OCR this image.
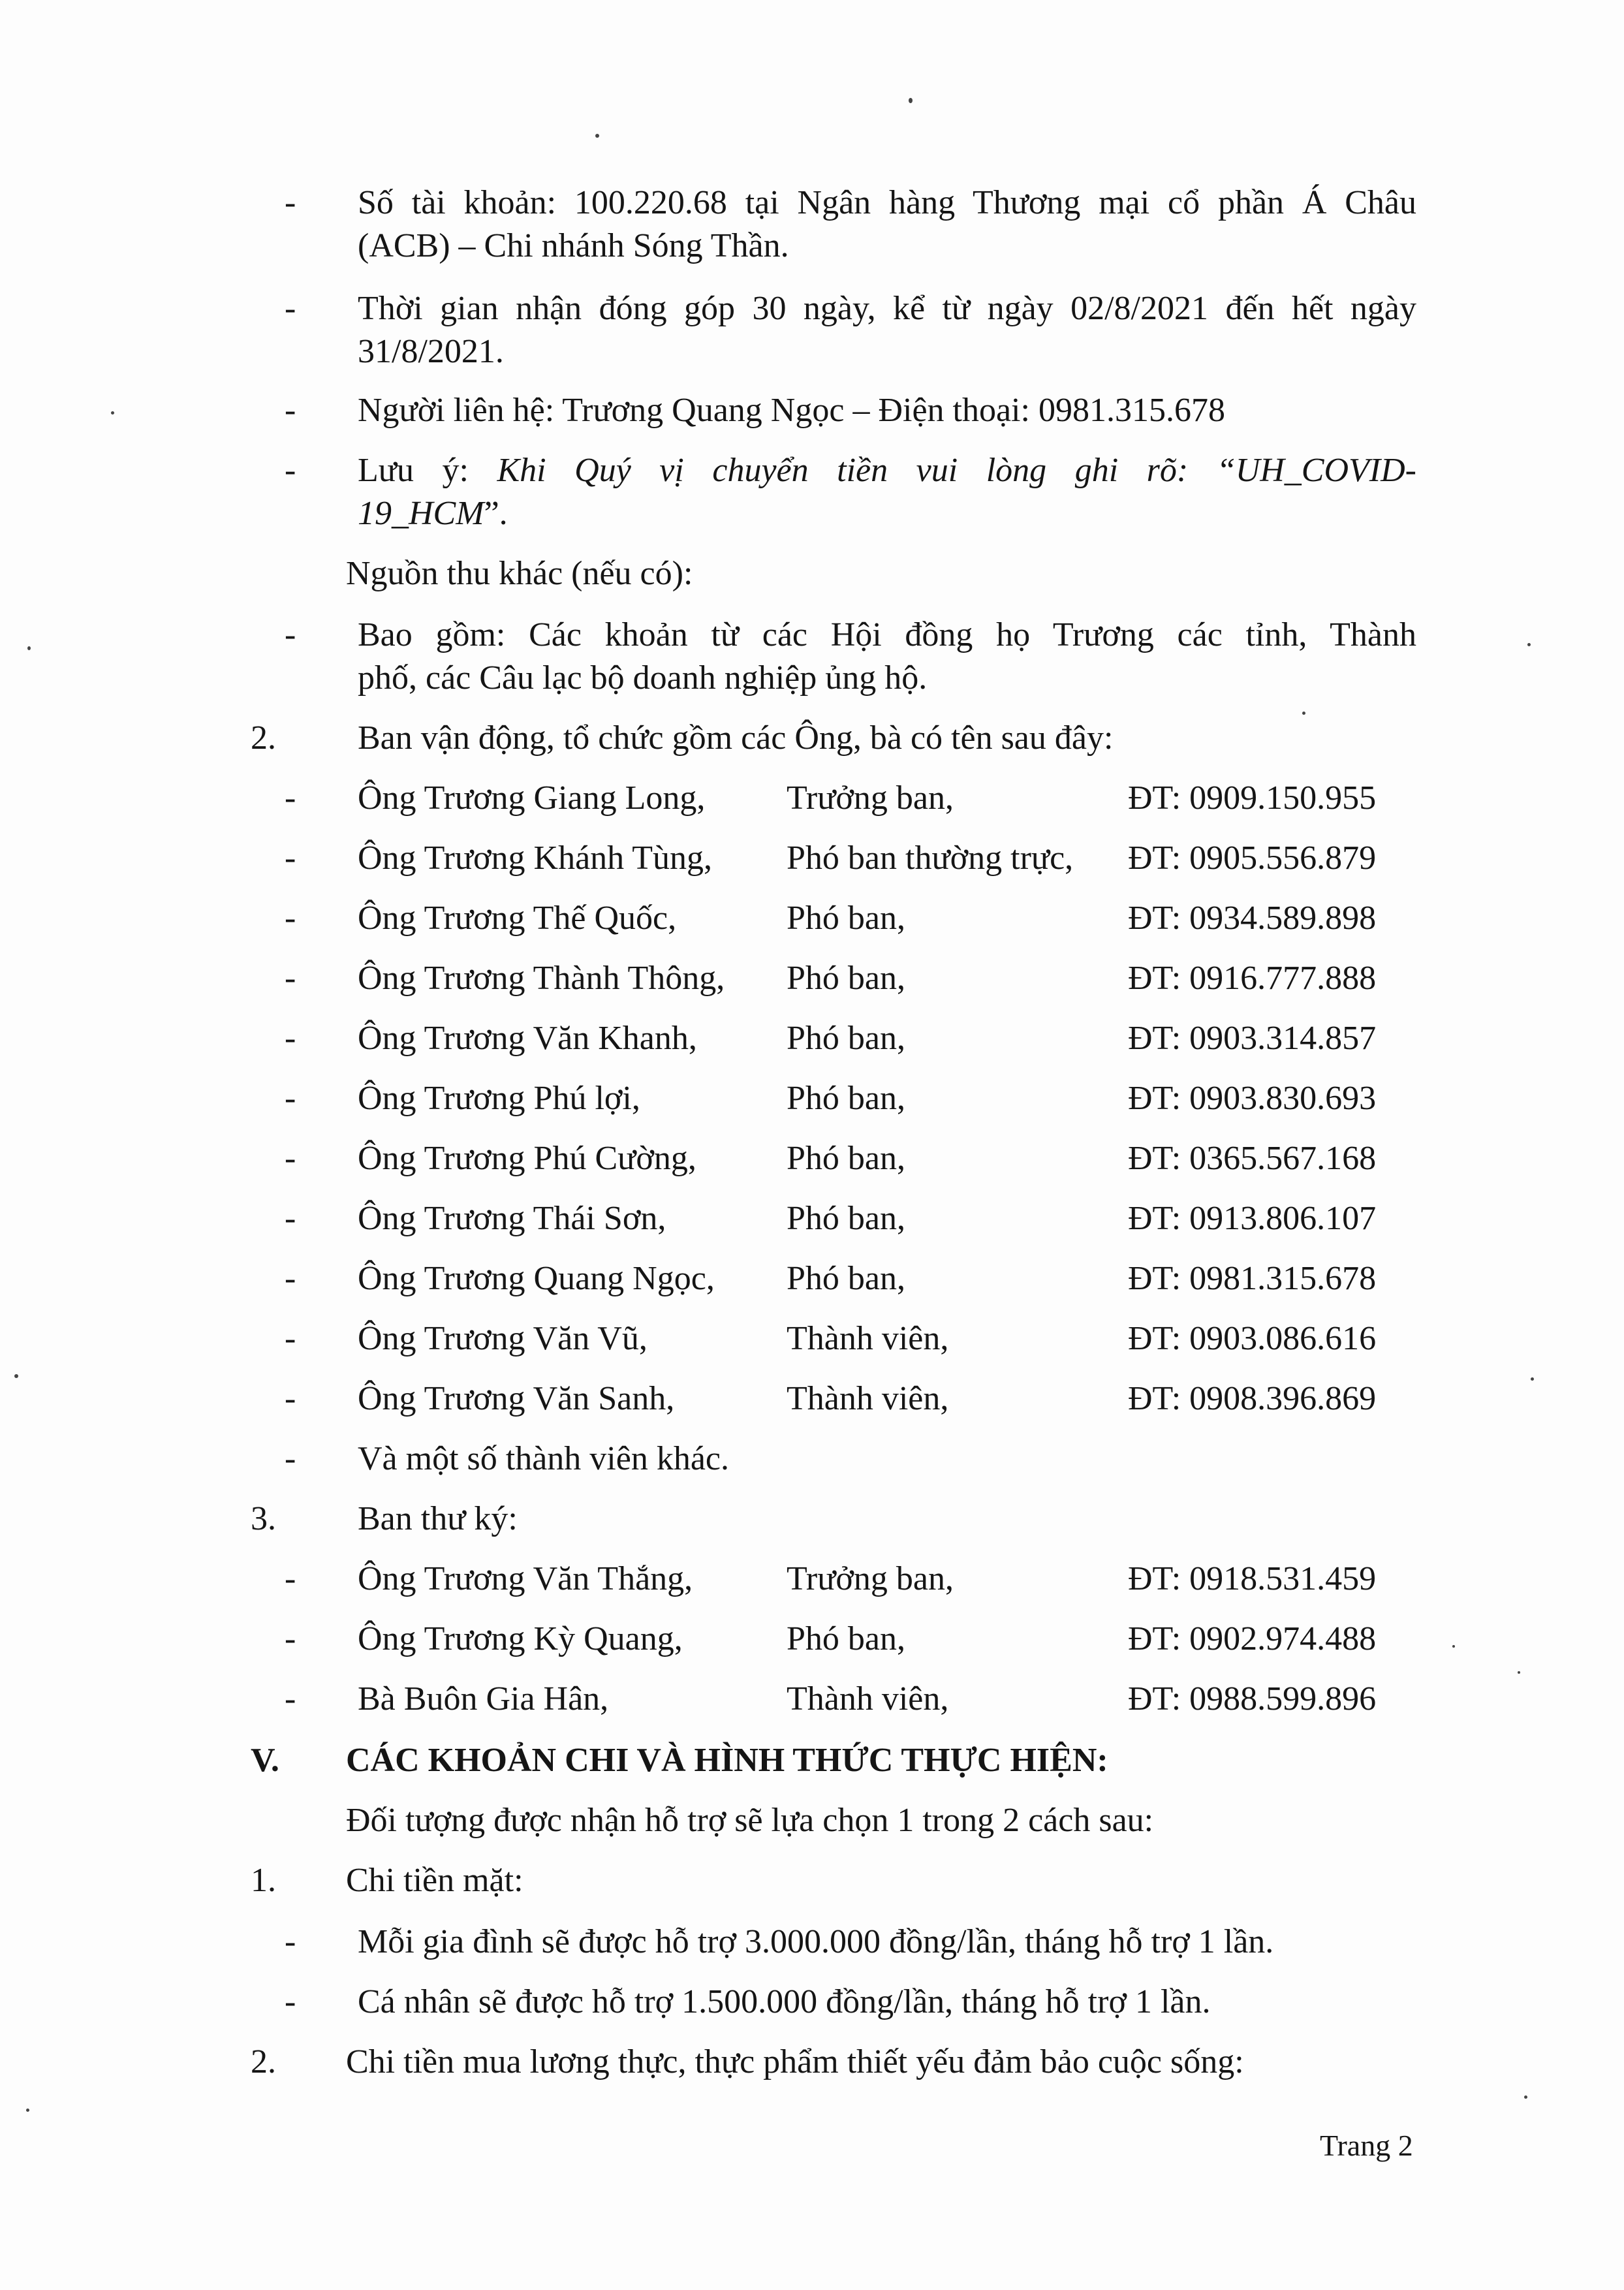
- Số tài khoản: 100.220.68 tại Ngân hàng Thương mại cổ phần Á Châu
(ACB) – Chi nhánh Sóng Thần.
- Thời gian nhận đóng góp 30 ngày, kể từ ngày 02/8/2021 đến hết ngày
31/8/2021.
- Người liên hệ: Trương Quang Ngọc – Điện thoại: 0981.315.678
- Lưu ý: Khi Quý vị chuyển tiền vui lòng ghi rõ: “UH_COVID-
19_HCM”.
Nguồn thu khác (nếu có):
- Bao gồm: Các khoản từ các Hội đồng họ Trương các tỉnh, Thành
phố, các Câu lạc bộ doanh nghiệp ủng hộ.
2. Ban vận động, tổ chức gồm các Ông, bà có tên sau đây:
- Ông Trương Giang Long, Trưởng ban,	ĐT: 0909.150.955
- Ông Trương Khánh Tùng, Phó ban thường trực, ĐT: 0905.556.879
- Ông Trương Thế Quốc,	Phó ban,	ĐT: 0934.589.898
- Ông Trương Thành Thông, Phó ban,	ĐT: 0916.777.888
- Ông Trương Văn Khanh,	Phó ban,	ĐT: 0903.314.857
- Ông Trương Phú lợi,	Phó ban,	ĐT: 0903.830.693
- Ông Trương Phú Cường,	Phó ban,	ĐT: 0365.567.168
- Ông Trương Thái Sơn,	Phó ban,	ĐT: 0913.806.107
- Ông Trương Quang Ngọc, Phó ban,	ĐT: 0981.315.678
- Ông Trương Văn Vũ,	Thành viên,	ĐT: 0903.086.616
- Ông Trương Văn Sanh,	Thành viên,	ĐT: 0908.396.869
- Và một số thành viên khác.
3. Ban thư ký:
- Ông Trương Văn Thắng,	Trưởng ban,	ĐT: 0918.531.459
- Ông Trương Kỳ Quang,	Phó ban,	ĐT: 0902.974.488
- Bà Buôn Gia Hân,	Thành viên,	ĐT: 0988.599.896
V. CÁC KHOẢN CHI VÀ HÌNH THỨC THỰC HIỆN:
Đối tượng được nhận hỗ trợ sẽ lựa chọn 1 trong 2 cách sau:
1. Chi tiền mặt:
- Mỗi gia đình sẽ được hỗ trợ 3.000.000 đồng/lần, tháng hỗ trợ 1 lần.
- Cá nhân sẽ được hỗ trợ 1.500.000 đồng/lần, tháng hỗ trợ 1 lần.
2. Chi tiền mua lương thực, thực phẩm thiết yếu đảm bảo cuộc sống:
Trang 2
